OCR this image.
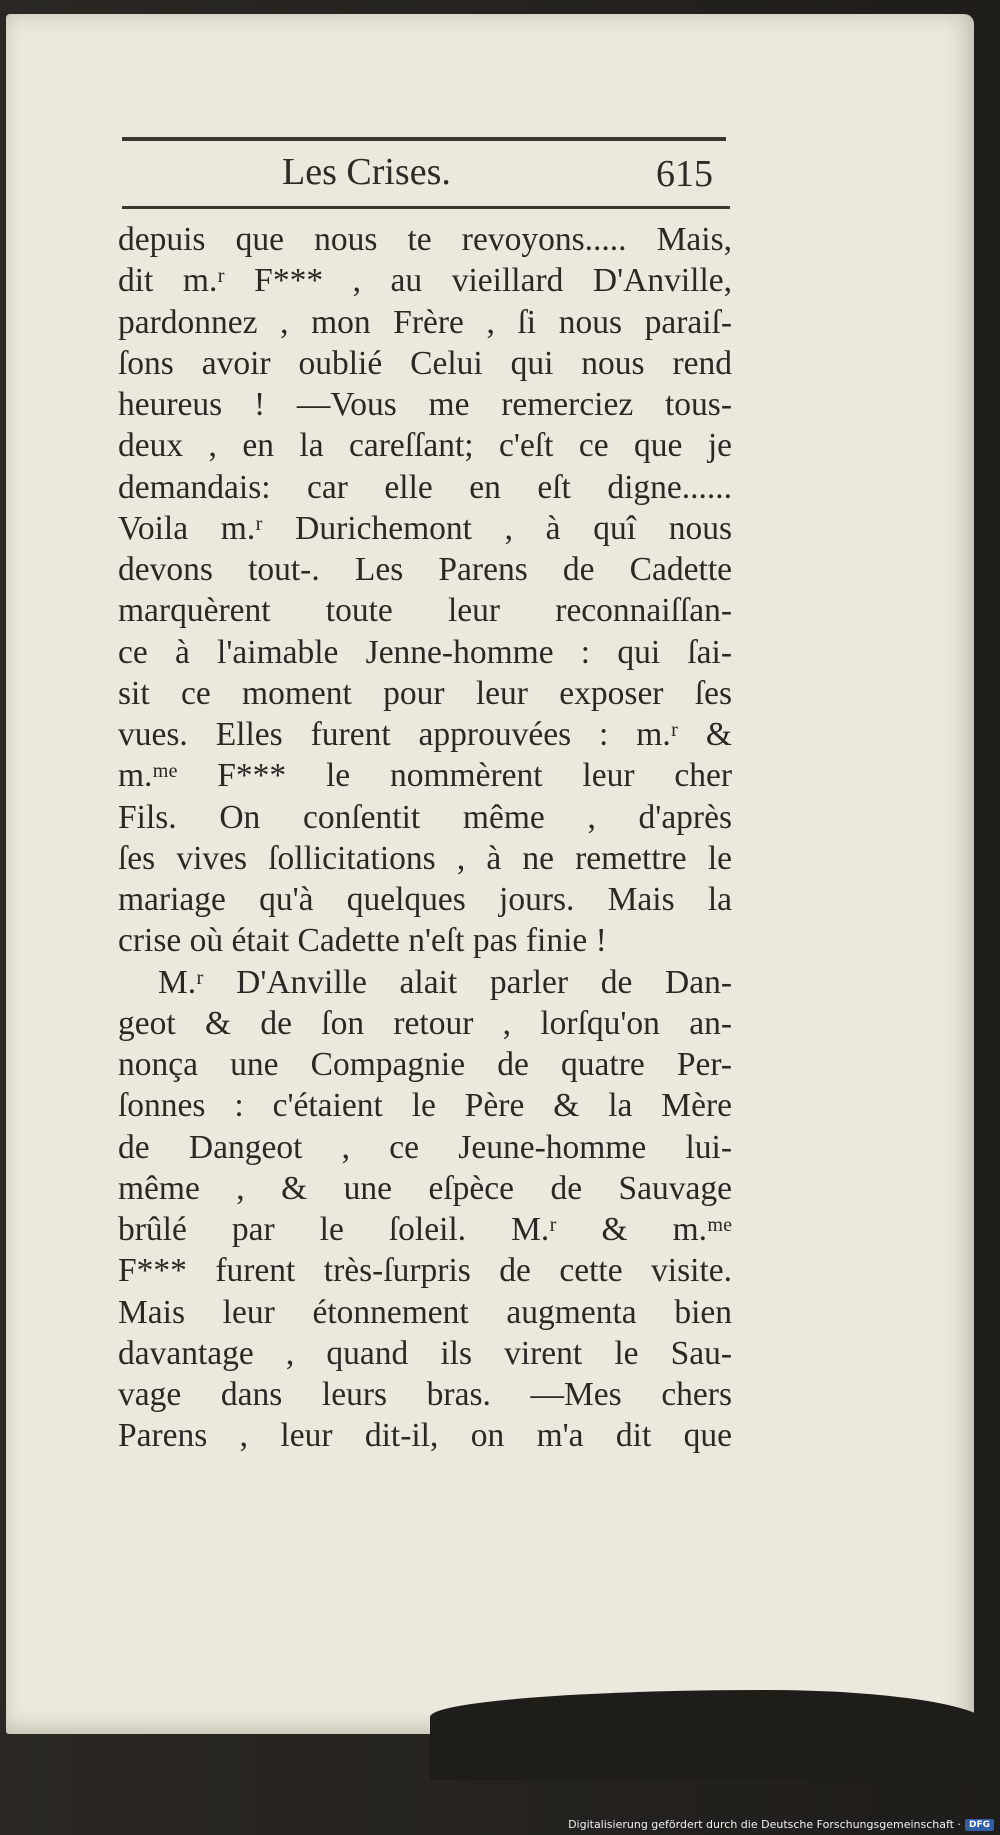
Les Crises.	615
depuis que nous te revoyons..... Mais,
dit m.ʳ F*** , au vieillard D'Anville,
pardonnez , mon Frère , ſi nous paraiſ-
ſons avoir oublié Celui qui nous rend
heureus ! —Vous me remerciez tous-
deux , en la careſſant; c'eſt ce que je
demandais: car elle en eſt digne......
Voila m.ʳ Durichemont , à quî nous
devons tout-. Les Parens de Cadette
marquèrent toute leur reconnaiſſan-
ce à l'aimable Jenne-homme : qui ſai-
sit ce moment pour leur exposer ſes
vues. Elles furent approuvées : m.ʳ &
m.ᵐᵉ F*** le nommèrent leur cher
Fils. On conſentit même , d'après
ſes vives ſollicitations , à ne remettre le
mariage qu'à quelques jours. Mais la
crise où était Cadette n'eſt pas finie !
M.ʳ D'Anville alait parler de Dan-
geot & de ſon retour , lorſqu'on an-
nonça une Compagnie de quatre Per-
ſonnes : c'étaient le Père & la Mère
de Dangeot , ce Jeune-homme lui-
même , & une eſpèce de Sauvage
brûlé par le ſoleil. M.ʳ & m.ᵐᵉ
F*** furent très-ſurpris de cette visite.
Mais leur étonnement augmenta bien
davantage , quand ils virent le Sau-
vage dans leurs bras. —Mes chers
Parens , leur dit-il, on m'a dit que
Digitalisierung gefördert durch die Deutsche Forschungsgemeinschaft · DFG
